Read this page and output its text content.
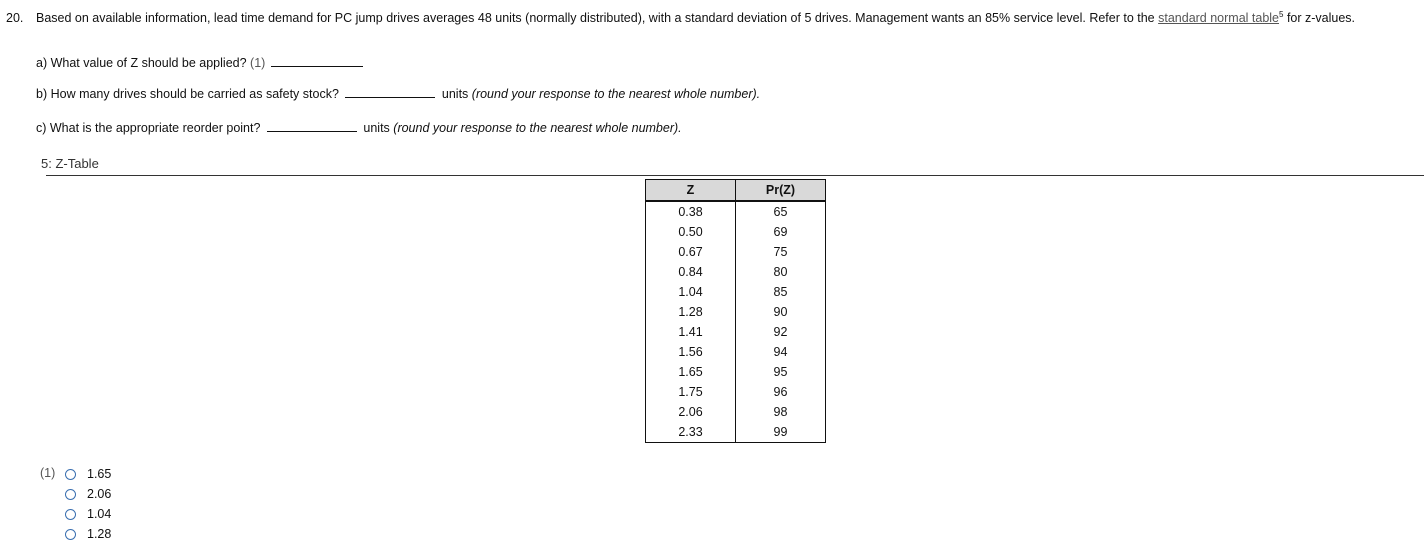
20. Based on available information, lead time demand for PC jump drives averages 48 units (normally distributed), with a standard deviation of 5 drives. Management wants an 85% service level. Refer to the standard normal table$^5$ for z-values.
a) What value of Z should be applied? (1)
b) How many drives should be carried as safety stock?	units (round your response to the nearest whole number).
c) What is the appropriate reorder point?	units (round your response to the nearest whole number).
5: Z-Table
Z	Pr(Z)
0.38	65
0.50	69
0.67	75
0.84	80
1.04	85
1.28	90
1.41	92
1.56	94
1.65	95
1.75	96
2.06	98
2.33	99
(1)	1.65
2.06
1.04
1.28
